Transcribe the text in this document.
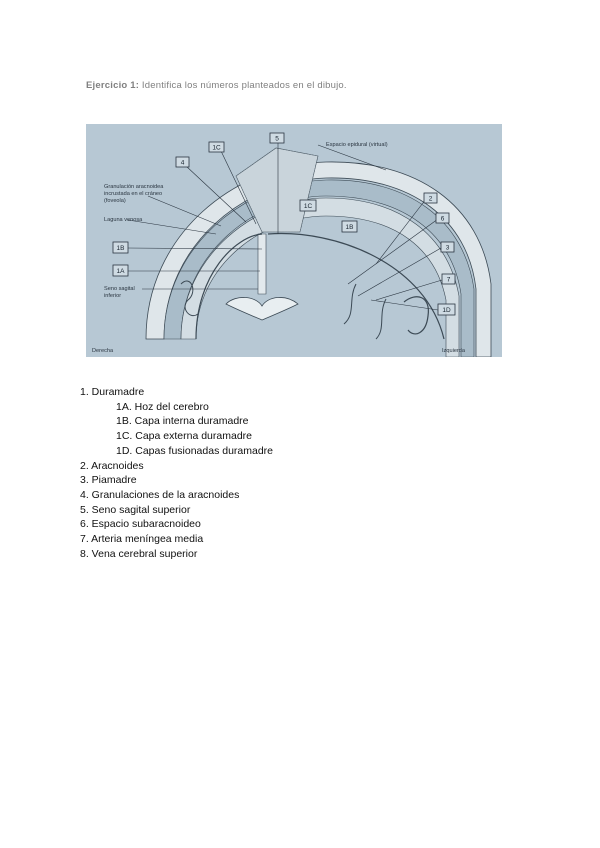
Ejercicio 1: Identifica los números planteados en el dibujo.
5
1C
4
1C
1B
2
6
3
7
1D
1B
1A
Espacio epidural (virtual)
Granulación aracnoidea
incrustada en el cráneo
(foveola)
Laguna venosa
Seno sagital
inferior
Derecha	Izquierda
1. Duramadre
1A. Hoz del cerebro
1B. Capa interna duramadre
1C. Capa externa duramadre
1D. Capas fusionadas duramadre
2. Aracnoides
3. Piamadre
4. Granulaciones de la aracnoides
5. Seno sagital superior
6. Espacio subaracnoideo
7. Arteria meníngea media
8. Vena cerebral superior
